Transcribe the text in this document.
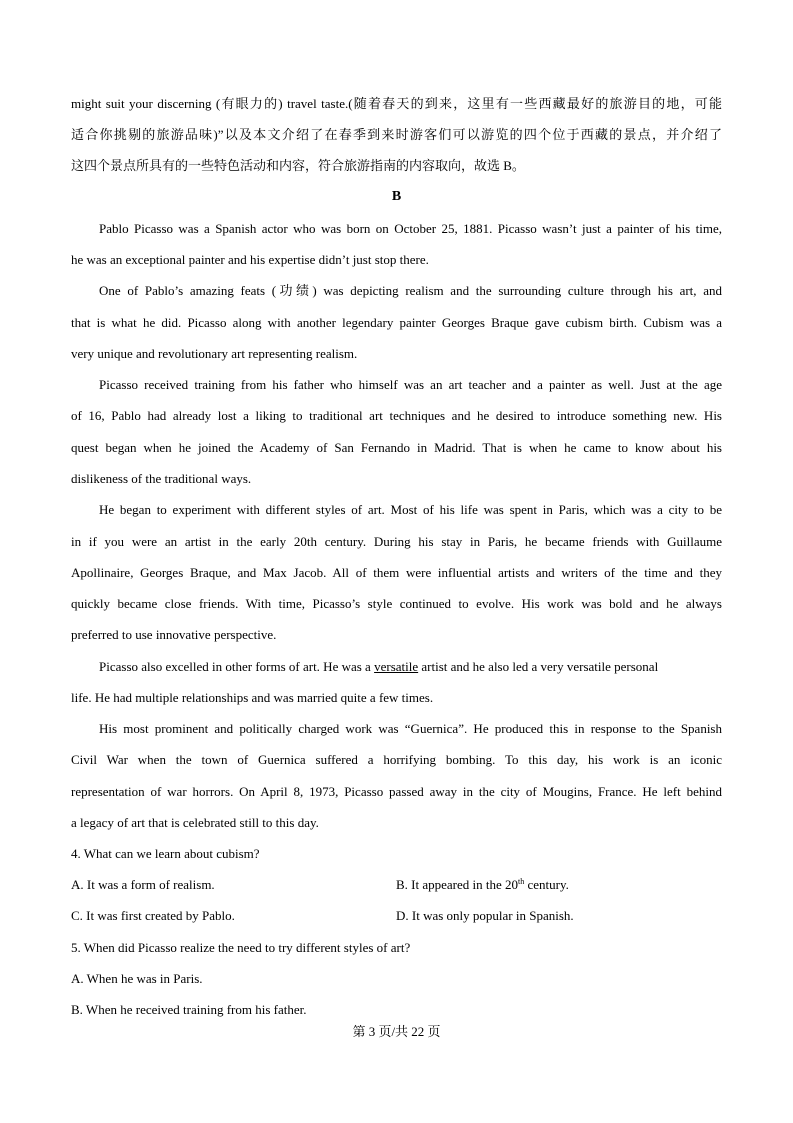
might suit your discerning (有眼力的) travel taste.(随着春天的到来，这里有一些西藏最好的旅游目的地，可能
适合你挑剔的旅游品味)”以及本文介绍了在春季到来时游客们可以游览的四个位于西藏的景点，并介绍了
这四个景点所具有的一些特色活动和内容，符合旅游指南的内容取向，故选 B。
B
Pablo Picasso was a Spanish actor who was born on October 25, 1881. Picasso wasn’t just a painter of his time,
he was an exceptional painter and his expertise didn’t just stop there.
One of Pablo’s amazing feats (功绩) was depicting realism and the surrounding culture through his art, and
that is what he did. Picasso along with another legendary painter Georges Braque gave cubism birth. Cubism was a
very unique and revolutionary art representing realism.
Picasso received training from his father who himself was an art teacher and a painter as well. Just at the age
of 16, Pablo had already lost a liking to traditional art techniques and he desired to introduce something new. His
quest began when he joined the Academy of San Fernando in Madrid. That is when he came to know about his
dislikeness of the traditional ways.
He began to experiment with different styles of art. Most of his life was spent in Paris, which was a city to be
in if you were an artist in the early 20th century. During his stay in Paris, he became friends with Guillaume
Apollinaire, Georges Braque, and Max Jacob. All of them were influential artists and writers of the time and they
quickly became close friends. With time, Picasso’s style continued to evolve. His work was bold and he always
preferred to use innovative perspective.
Picasso also excelled in other forms of art. He was a versatile artist and he also led a very versatile personal
life. He had multiple relationships and was married quite a few times.
His most prominent and politically charged work was “Guernica”. He produced this in response to the Spanish
Civil War when the town of Guernica suffered a horrifying bombing. To this day, his work is an iconic
representation of war horrors. On April 8, 1973, Picasso passed away in the city of Mougins, France. He left behind
a legacy of art that is celebrated still to this day.
4. What can we learn about cubism?
A. It was a form of realism.	B. It appeared in the 20th century.
C. It was first created by Pablo.	D. It was only popular in Spanish.
5. When did Picasso realize the need to try different styles of art?
A. When he was in Paris.
B. When he received training from his father.
第 3 页/共 22 页
